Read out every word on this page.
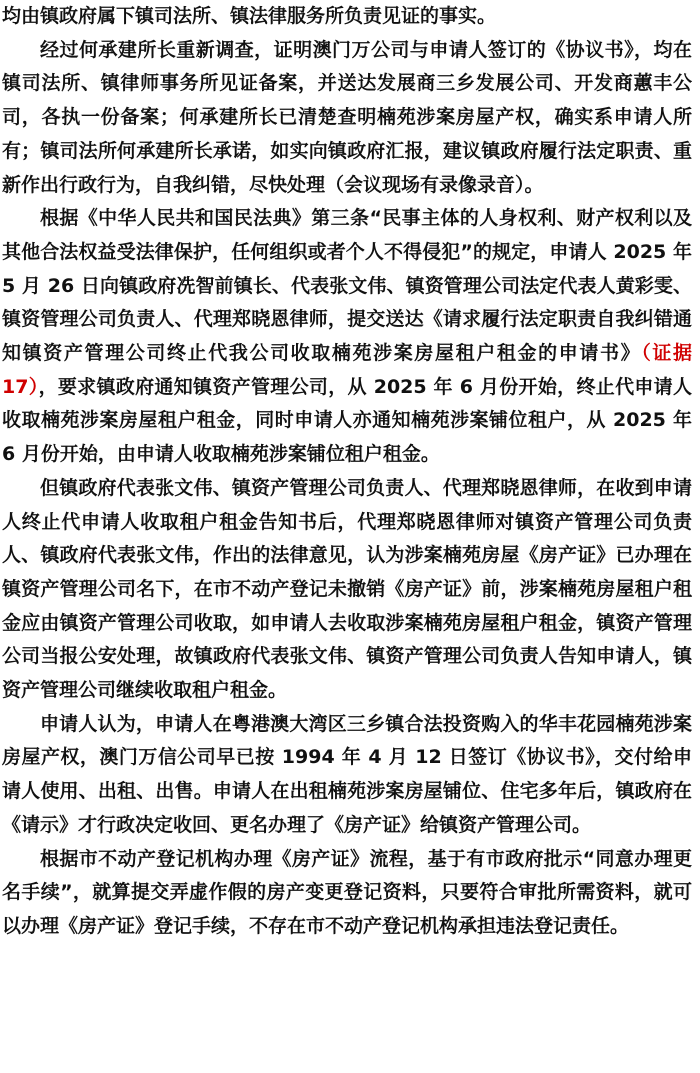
均由镇政府属下镇司法所、镇法律服务所负责见证的事实。

经过何承建所长重新调查，证明澳门万公司与申请人签订的《协议书》，均在镇司法所、镇律师事务所见证备案，并送达发展商三乡发展公司、开发商蕙丰公司，各执一份备案；何承建所长已清楚查明楠苑涉案房屋产权，确实系申请人所有；镇司法所何承建所长承诺，如实向镇政府汇报，建议镇政府履行法定职责、重新作出行政行为，自我纠错，尽快处理（会议现场有录像录音）。

根据《中华人民共和国民法典》第三条“民事主体的人身权利、财产权利以及其他合法权益受法律保护，任何组织或者个人不得侵犯”的规定，申请人 2025 年 5 月 26 日向镇政府冼智前镇长、代表张文伟、镇资管理公司法定代表人黄彩雯、镇资管理公司负责人、代理郑晓恩律师，提交送达《请求履行法定职责自我纠错通知镇资产管理公司终止代我公司收取楠苑涉案房屋租户租金的申请书》（证据 17），要求镇政府通知镇资产管理公司，从 2025 年 6 月份开始，终止代申请人收取楠苑涉案房屋租户租金，同时申请人亦通知楠苑涉案铺位租户，从 2025 年 6 月份开始，由申请人收取楠苑涉案铺位租户租金。

但镇政府代表张文伟、镇资产管理公司负责人、代理郑晓恩律师，在收到申请人终止代申请人收取租户租金告知书后，代理郑晓恩律师对镇资产管理公司负责人、镇政府代表张文伟，作出的法律意见，认为涉案楠苑房屋《房产证》已办理在镇资产管理公司名下，在市不动产登记未撤销《房产证》前，涉案楠苑房屋租户租金应由镇资产管理公司收取，如申请人去收取涉案楠苑房屋租户租金，镇资产管理公司当报公安处理，故镇政府代表张文伟、镇资产管理公司负责人告知申请人，镇资产管理公司继续收取租户租金。

申请人认为，申请人在粤港澳大湾区三乡镇合法投资购入的华丰花园楠苑涉案房屋产权，澳门万信公司早已按 1994 年 4 月 12 日签订《协议书》，交付给申请人使用、出租、出售。申请人在出租楠苑涉案房屋铺位、住宅多年后，镇政府在《请示》才行政决定收回、更名办理了《房产证》给镇资产管理公司。

根据市不动产登记机构办理《房产证》流程，基于有市政府批示“同意办理更名手续”，就算提交弄虚作假的房产变更登记资料，只要符合审批所需资料，就可以办理《房产证》登记手续，不存在市不动产登记机构承担违法登记责任。
